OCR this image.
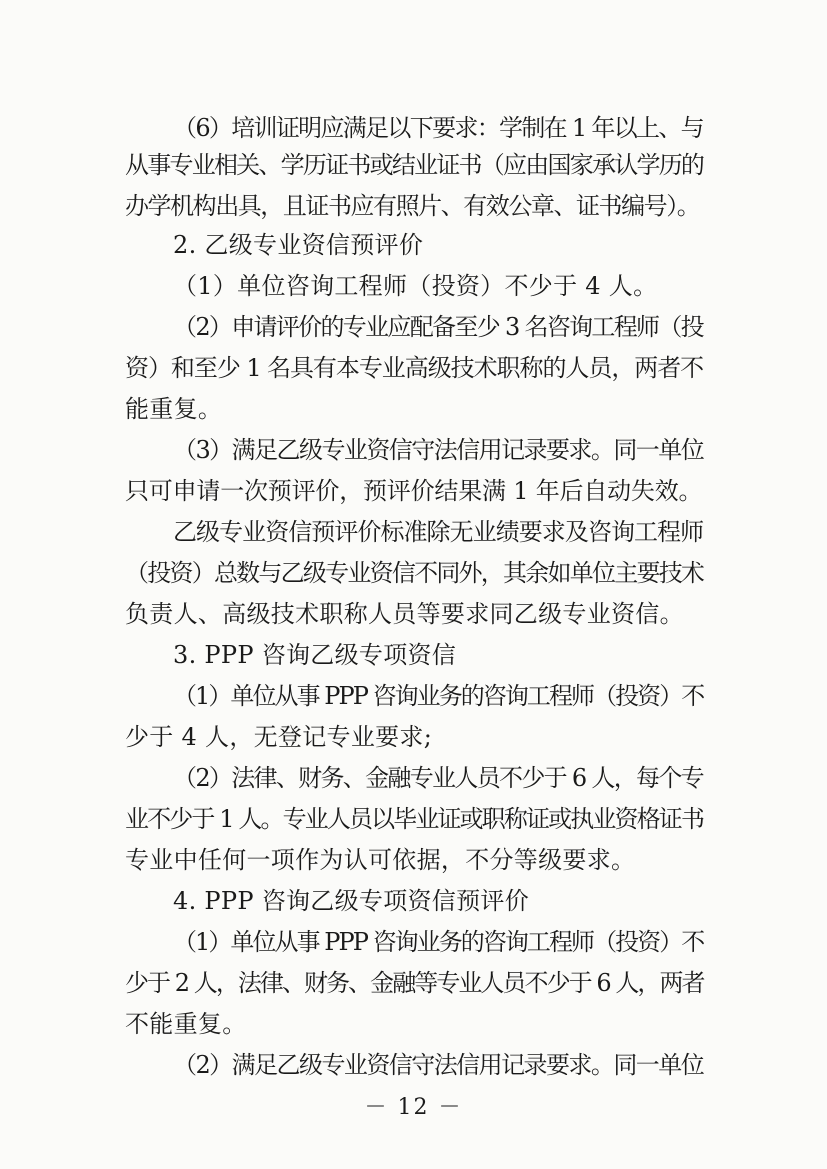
（6）培训证明应满足以下要求：学制在 1 年以上、与
从事专业相关、学历证书或结业证书（应由国家承认学历的
办学机构出具，且证书应有照片、有效公章、证书编号）。
2. 乙级专业资信预评价
（1）单位咨询工程师（投资）不少于 4 人。
（2）申请评价的专业应配备至少 3 名咨询工程师（投
资）和至少 1 名具有本专业高级技术职称的人员，两者不
能重复。
（3）满足乙级专业资信守法信用记录要求。同一单位
只可申请一次预评价，预评价结果满 1 年后自动失效。
乙级专业资信预评价标准除无业绩要求及咨询工程师
（投资）总数与乙级专业资信不同外，其余如单位主要技术
负责人、高级技术职称人员等要求同乙级专业资信。
3. PPP 咨询乙级专项资信
（1）单位从事 PPP 咨询业务的咨询工程师（投资）不
少于 4 人，无登记专业要求;
（2）法律、财务、金融专业人员不少于 6 人，每个专
业不少于 1 人。专业人员以毕业证或职称证或执业资格证书
专业中任何一项作为认可依据，不分等级要求。
4. PPP 咨询乙级专项资信预评价
（1）单位从事 PPP 咨询业务的咨询工程师（投资）不
少于 2 人，法律、财务、金融等专业人员不少于 6 人，两者
不能重复。
（2）满足乙级专业资信守法信用记录要求。同一单位
－ 12 －
